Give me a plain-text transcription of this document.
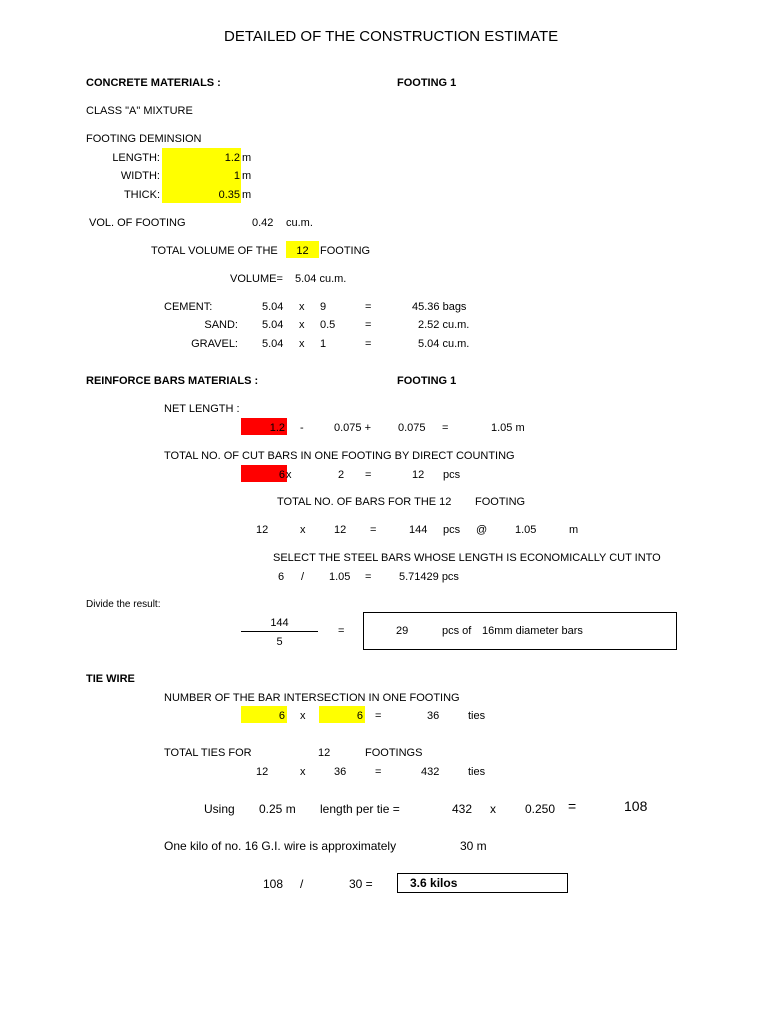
DETAILED OF THE CONSTRUCTION ESTIMATE
CONCRETE MATERIALS :	FOOTING 1
CLASS "A" MIXTURE
FOOTING DEMINSION
LENGTH:	1.2 m
WIDTH:	1 m
THICK:	0.35 m
VOL. OF FOOTING	0.42 cu.m.
TOTAL VOLUME OF THE	12	FOOTING
VOLUME= 5.04 cu.m.
CEMENT:	5.04 x 9	=	45.36 bags
SAND: 5.04 x 0.5	=	2.52 cu.m.
GRAVEL: 5.04 x 1	=	5.04 cu.m.
REINFORCE BARS MATERIALS :	FOOTING 1
NET LENGTH :
1.2 -	0.075 + 0.075 =	1.05 m
TOTAL NO. OF CUT BARS IN ONE FOOTING BY DIRECT COUNTING
6 x	2 =	12 pcs
TOTAL NO. OF BARS FOR THE 12 FOOTING
12	x	12 =	144 pcs @	1.05	m
SELECT THE STEEL BARS WHOSE LENGTH IS ECONOMICALLY CUT INTO
6 / 1.05 =	5.71429 pcs
Divide the result:
144
5
=	29	pcs of 16mm diameter bars
TIE WIRE
NUMBER OF THE BAR INTERSECTION IN ONE FOOTING
6 x	6 =	36	ties
TOTAL TIES FOR	12	FOOTINGS
12	x	36	=	432	ties
Using 0.25 m length per tie =	432 x 0.250 =	108
One kilo of no. 16 G.I. wire is approximately	30 m
108 /	30 =	3.6 kilos
